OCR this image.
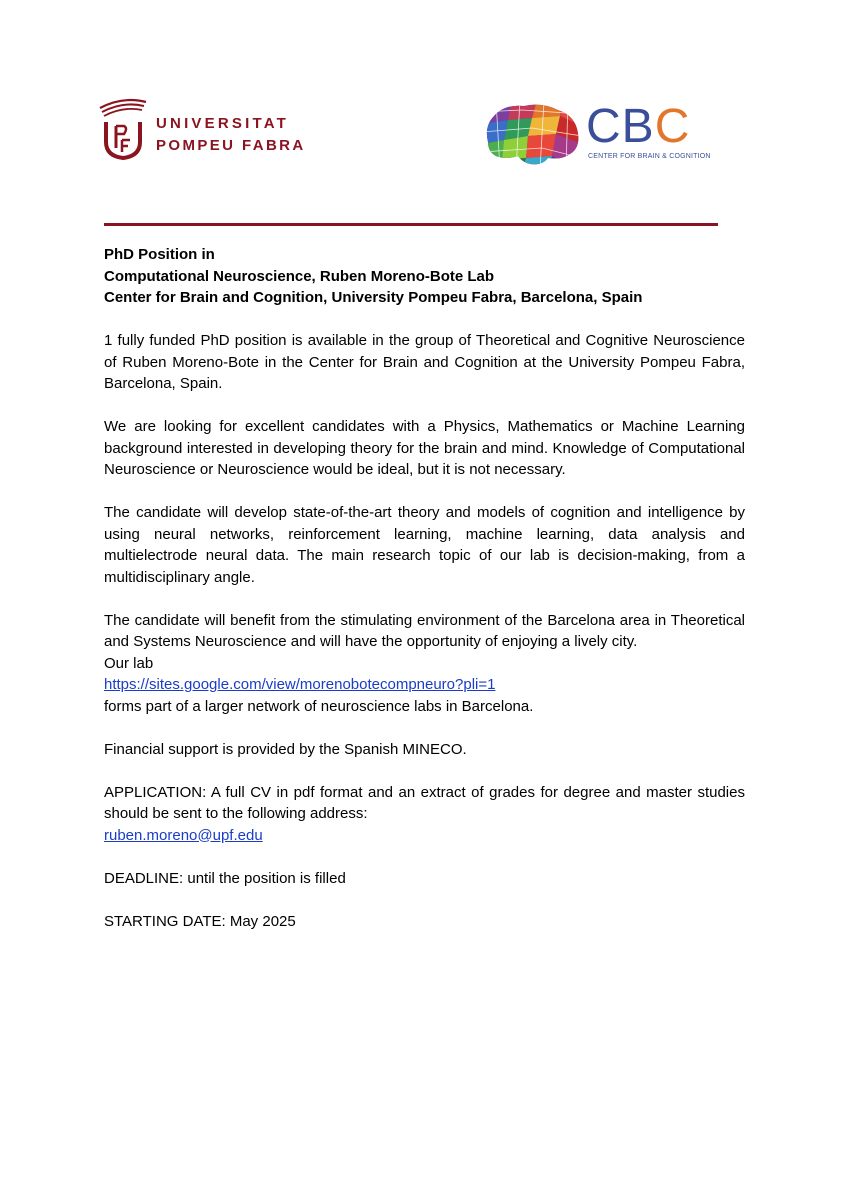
UNIVERSITAT
POMPEU FABRA	CBC
CENTER FOR BRAIN & COGNITION
PhD Position in
Computational Neuroscience, Ruben Moreno-Bote Lab
Center for Brain and Cognition, University Pompeu Fabra, Barcelona, Spain

1 fully funded PhD position is available in the group of Theoretical and Cognitive Neuroscience of Ruben Moreno-Bote in the Center for Brain and Cognition at the University Pompeu Fabra, Barcelona, Spain.

We are looking for excellent candidates with a Physics, Mathematics or Machine Learning background interested in developing theory for the brain and mind. Knowledge of Computational Neuroscience or Neuroscience would be ideal, but it is not necessary.

The candidate will develop state-of-the-art theory and models of cognition and intelligence by using neural networks, reinforcement learning, machine learning, data analysis and multielectrode neural data. The main research topic of our lab is decision-making, from a multidisciplinary angle.

The candidate will benefit from the stimulating environment of the Barcelona area in Theoretical and Systems Neuroscience and will have the opportunity of enjoying a lively city.
Our lab
https://sites.google.com/view/morenobotecompneuro?pli=1
forms part of a larger network of neuroscience labs in Barcelona.

Financial support is provided by the Spanish MINECO.

APPLICATION: A full CV in pdf format and an extract of grades for degree and master studies should be sent to the following address:
ruben.moreno@upf.edu

DEADLINE: until the position is filled

STARTING DATE: May 2025
